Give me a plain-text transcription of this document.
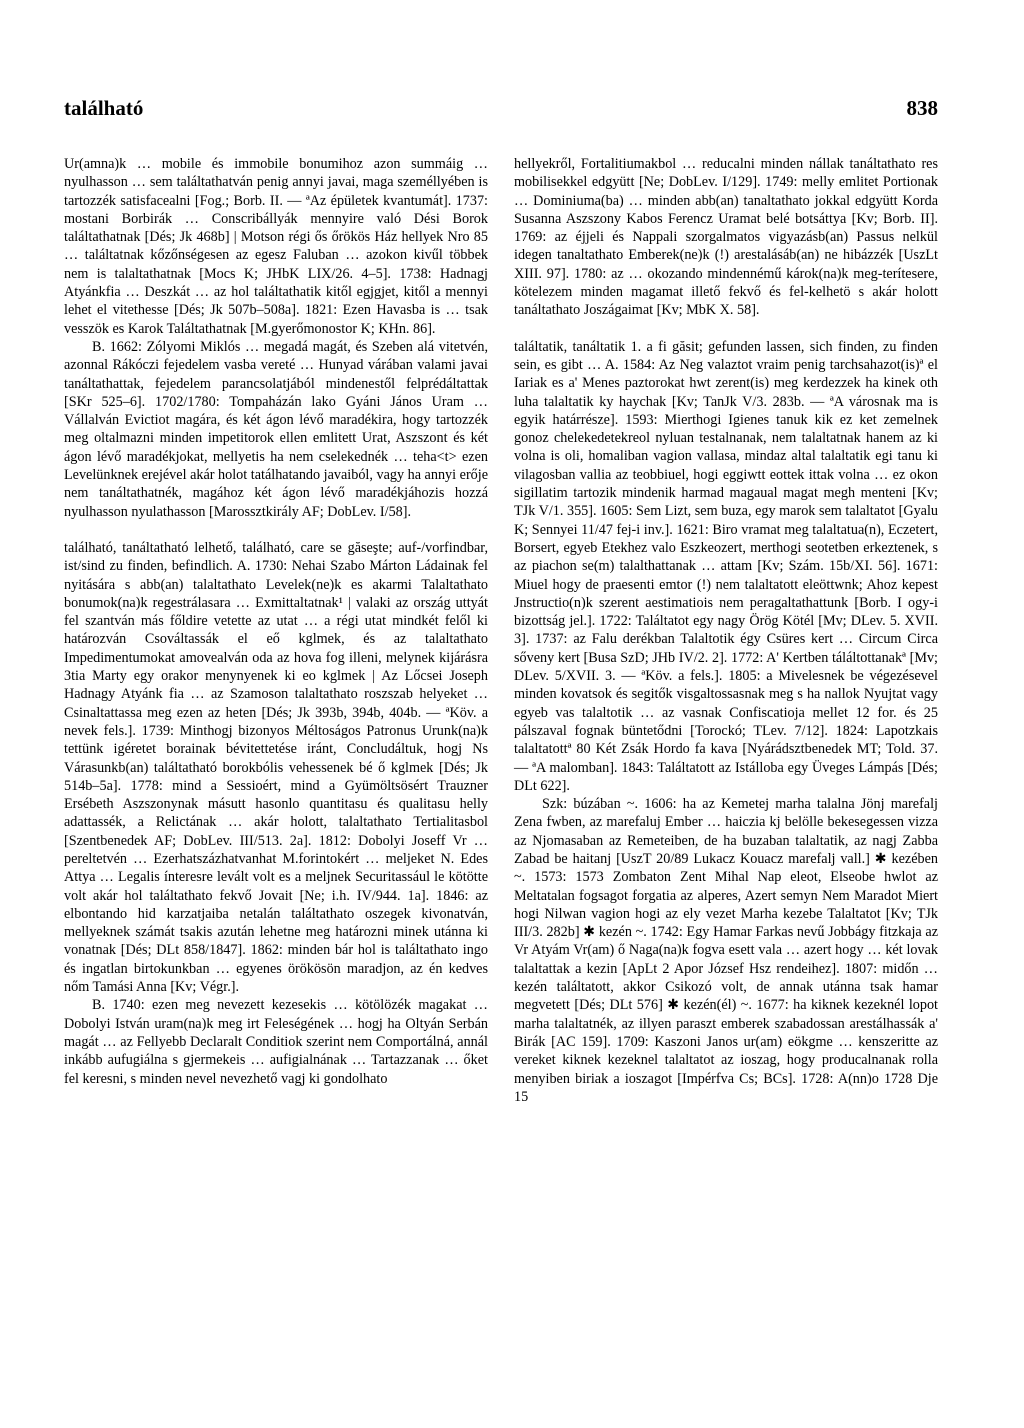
található	838

Ur(amna)k … mobile és immobile bonumihoz azon summáig … nyulhasson … sem találtathatván penig annyi javai, maga személlyében is tartozzék satisfacealni [Fog.; Borb. II. — ªAz épületek kvantumát]. 1737: mostani Borbirák … Conscribállyák mennyire való Dési Borok találtathatnak [Dés; Jk 468b] | Motson régi ős őrökös Ház hellyek Nro 85 … találtatnak kőzőnségesen az egesz Faluban … azokon kivűl többek nem is talaltathatnak [Mocs K; JHbK LIX/26. 4–5]. 1738: Hadnagj Atyánkfia … Deszkát … az hol találtathatik kitől egjgjet, kitől a mennyi lehet el vitethesse [Dés; Jk 507b–508a]. 1821: Ezen Havasba is … tsak vesszök es Karok Találtathatnak [M.gyerőmonostor K; KHn. 86].

B. 1662: Zólyomi Miklós … megadá magát, és Szeben alá vitetvén, azonnal Rákóczi fejedelem vasba vereté … Hunyad várában valami javai tanáltathattak, fejedelem parancsolatjából mindenestől felprédáltattak [SKr 525–6]. 1702/1780: Tompaházán lako Gyáni János Uram … Vállalván Evictiot magára, és két ágon lévő maradékira, hogy tartozzék meg oltalmazni minden impetitorok ellen emlitett Urat, Aszszont és két ágon lévő maradékjokat, mellyetis ha nem cselekednék … teha<t> ezen Levelünknek erejével akár holot tatálhatando javaiból, vagy ha annyi erője nem tanáltathatnék, magához két ágon lévő maradékjáhozis hozzá nyulhasson nyulathasson [Marossztkirály AF; DobLev. I/58].

található, tanáltatható lelhető, található, care se găseşte; auf-/vorfindbar, ist/sind zu finden, befindlich. A. 1730: Nehai Szabo Márton Ládainak fel nyitására s abb(an) talaltathato Levelek(ne)k es akarmi Talaltathato bonumok(na)k regestrálasara … Exmittaltatnak¹ | valaki az ország uttyát fel szantván más főldire vetette az utat … a régi utat mindkét felől ki határozván Csováltassák el eő kglmek, és az talaltathato Impedimentumokat amovealván oda az hova fog illeni, melynek kijárásra 3tia Marty egy orakor menynyenek ki eo kglmek | Az Lőcsei Joseph Hadnagy Atyánk fia … az Szamoson talaltathato roszszab helyeket … Csinaltattassa meg ezen az heten [Dés; Jk 393b, 394b, 404b. — ªKöv. a nevek fels.]. 1739: Minthogj bizonyos Méltoságos Patronus Urunk(na)k tettünk igéretet borainak bévitettetése iránt, Concludáltuk, hogj Ns Várasunkb(an) találtatható borokbólis vehessenek bé ő kglmek [Dés; Jk 514b–5a]. 1778: mind a Sessioért, mind a Gyümöltsösért Trauzner Ersébeth Aszszonynak másutt hasonlo quantitasu és qualitasu helly adattassék, a Relictának … akár holott, talaltathato Tertialitasbol [Szentbenedek AF; DobLev. III/513. 2a]. 1812: Dobolyi Joseff Vr … pereltetvén … Ezerhatszázhatvanhat M.forintokért … meljeket N. Edes Attya … Legalis ínteresre levált volt es a meljnek Securitassául le kötötte volt akár hol találtathato fekvő Jovait [Ne; i.h. IV/944. 1a]. 1846: az elbontando hid karzatjaiba netalán találtathato oszegek kivonatván, mellyeknek számát tsakis azután lehetne meg határozni minek utánna ki vonatnak [Dés; DLt 858/1847]. 1862: minden bár hol is találtathato ingo és ingatlan birtokunkban … egyenes örökösön maradjon, az én kedves nőm Tamási Anna [Kv; Végr.].

B. 1740: ezen meg nevezett kezesekis … kötölözék magakat … Dobolyi István uram(na)k meg irt Feleségének … hogj ha Oltyán Serbán magát … az Fellyebb Declaralt Conditiok szerint nem Comportálná, annál inkább aufugiálna s gjermekeis … aufigialnának … Tartazzanak … őket fel keresni, s minden nevel nevezhető vagj ki gondolhato

hellyekről, Fortalitiumakbol … reducalni minden nállak tanáltathato res mobilisekkel edgyütt [Ne; DobLev. I/129]. 1749: melly emlitet Portionak … Dominiuma(ba) … minden abb(an) tanaltathato jokkal edgyütt Korda Susanna Aszszony Kabos Ferencz Uramat belé botsáttya [Kv; Borb. II]. 1769: az éjjeli és Nappali szorgalmatos vigyazásb(an) Passus nelkül idegen tanaltathato Emberek(ne)k (!) arestalásáb(an) ne hibázzék [UszLt XIII. 97]. 1780: az … okozando mindennémű károk(na)k meg-terítesere, kötelezem minden magamat illető fekvő és fel-kelhetö s akár holott tanáltathato Joszágaimat [Kv; MbK X. 58].

találtatik, tanáltatik 1. a fi găsit; gefunden lassen, sich finden, zu finden sein, es gibt … A. 1584: Az Neg valaztot vraim penig tarchsahazot(is)ª el Iariak es a' Menes paztorokat hwt zerent(is) meg kerdezzek ha kinek oth luha talaltatik ky haychak [Kv; TanJk V/3. 283b. — ªA városnak ma is egyik határrésze]. 1593: Mierthogi Igienes tanuk kik ez ket zemelnek gonoz chelekedetekreol nyluan testalnanak, nem talaltatnak hanem az ki volna is oli, homaliban vagion vallasa, mindaz altal talaltatik egi tanu ki vilagosban vallia az teobbiuel, hogi eggiwtt eottek ittak volna … ez okon sigillatim tartozik mindenik harmad magaual magat megh menteni [Kv; TJk V/1. 355]. 1605: Sem Lizt, sem buza, egy marok sem talaltatot [Gyalu K; Sennyei 11/47 fej-i inv.]. 1621: Biro vramat meg talaltatua(n), Eczetert, Borsert, egyeb Etekhez valo Eszkeozert, merthogi seotetben erkeztenek, s az piachon se(m) talalthattanak … attam [Kv; Szám. 15b/XI. 56]. 1671: Miuel hogy de praesenti emtor (!) nem talaltatott eleöttwnk; Ahoz kepest Jnstructio(n)k szerent aestimatiois nem peragaltathattunk [Borb. I ogy-i bizottság jel.]. 1722: Találtatot egy nagy Örög Kötél [Mv; DLev. 5. XVII. 3]. 1737: az Falu derékban Talaltotik égy Csüres kert … Circum Circa sőveny kert [Busa SzD; JHb IV/2. 2]. 1772: A' Kertben táláltottanakª [Mv; DLev. 5/XVII. 3. — ªKöv. a fels.]. 1805: a Mivelesnek be végezésevel minden kovatsok és segitők visgaltossasnak meg s ha nallok Nyujtat vagy egyeb vas talaltotik … az vasnak Confiscatioja mellet 12 for. és 25 pálszaval fognak büntetődni [Torockó; TLev. 7/12]. 1824: Lapotzkais talaltatottª 80 Két Zsák Hordo fa kava [Nyárádsztbenedek MT; Told. 37. — ªA malomban]. 1843: Találtatott az Istálloba egy Üveges Lámpás [Dés; DLt 622].

Szk: búzában ~. 1606: ha az Kemetej marha talalna Jönj marefalj Zena fwben, az marefaluj Ember … haiczia kj belölle bekesegessen vizza az Njomasaban az Remeteiben, de ha buzaban talaltatik, az nagj Zabba Zabad be haitanj [UszT 20/89 Lukacz Kouacz marefalj vall.] ✱ kezében ~. 1573: 1573 Zombaton Zent Mihal Nap eleot, Elseobe hwlot az Meltatalan fogsagot forgatia az alperes, Azert semyn Nem Maradot Miert hogi Nilwan vagion hogi az ely vezet Marha kezebe Talaltatot [Kv; TJk III/3. 282b] ✱ kezén ~. 1742: Egy Hamar Farkas nevű Jobbágy fitzkaja az Vr Atyám Vr(am) ő Naga(na)k fogva esett vala … azert hogy … két lovak talaltattak a kezin [ApLt 2 Apor József Hsz rendeihez]. 1807: midőn … kezén találtatott, akkor Csikozó volt, de annak utánna tsak hamar megvetett [Dés; DLt 576] ✱ kezén(él) ~. 1677: ha kiknek kezeknél lopot marha talaltatnék, az illyen paraszt emberek szabadossan arestálhassák a' Birák [AC 159]. 1709: Kaszoni Janos ur(am) eökgme … kenszeritte az vereket kiknek kezeknel talaltatot az ioszag, hogy producalnanak rolla menyiben biriak a ioszagot [Impérfva Cs; BCs]. 1728: A(nn)o 1728 Dje 15
